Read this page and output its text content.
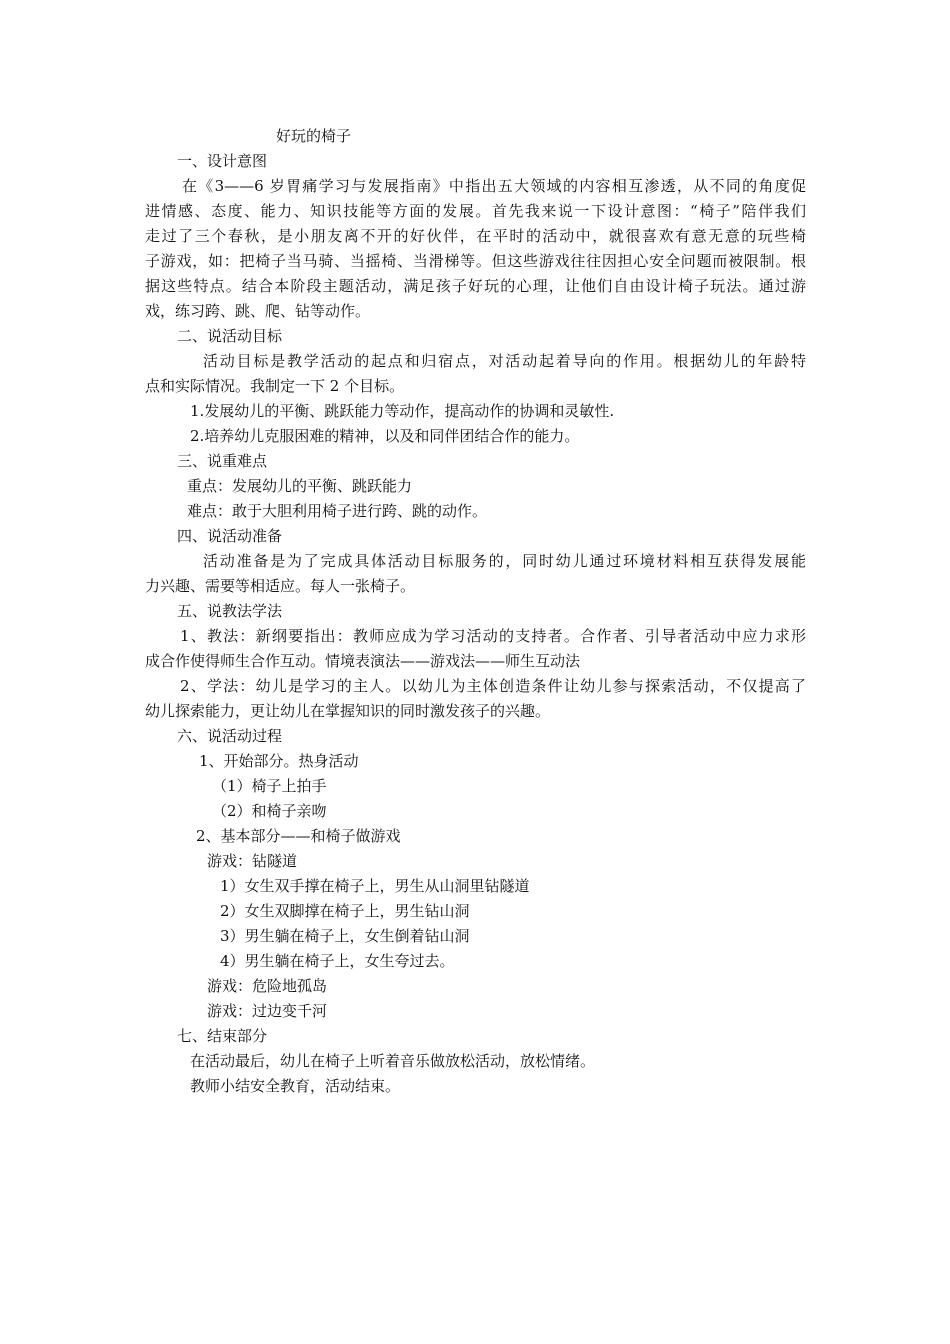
好玩的椅子
一、设计意图
在《3——6 岁胃痛学习与发展指南》中指出五大领域的内容相互渗透，从不同的角度促
进情感、态度、能力、知识技能等方面的发展。首先我来说一下设计意图：“椅子”陪伴我们
走过了三个春秋，是小朋友离不开的好伙伴，在平时的活动中，就很喜欢有意无意的玩些椅
子游戏，如：把椅子当马骑、当摇椅、当滑梯等。但这些游戏往往因担心安全问题而被限制。根
据这些特点。结合本阶段主题活动，满足孩子好玩的心理，让他们自由设计椅子玩法。通过游
戏，练习跨、跳、爬、钻等动作。
二、说活动目标
活动目标是教学活动的起点和归宿点，对活动起着导向的作用。根据幼儿的年龄特
点和实际情况。我制定一下 2 个目标。
1.发展幼儿的平衡、跳跃能力等动作，提高动作的协调和灵敏性.
2.培养幼儿克服困难的精神，以及和同伴团结合作的能力。
三、说重难点
重点：发展幼儿的平衡、跳跃能力
难点：敢于大胆利用椅子进行跨、跳的动作。
四、说活动准备
活动准备是为了完成具体活动目标服务的，同时幼儿通过环境材料相互获得发展能
力兴趣、需要等相适应。每人一张椅子。
五、说教法学法
1、教法：新纲要指出：教师应成为学习活动的支持者。合作者、引导者活动中应力求形
成合作使得师生合作互动。情境表演法——游戏法——师生互动法
2、学法：幼儿是学习的主人。以幼儿为主体创造条件让幼儿参与探索活动，不仅提高了
幼儿探索能力，更让幼儿在掌握知识的同时激发孩子的兴趣。
六、说活动过程
1、开始部分。热身活动
（1）椅子上拍手
（2）和椅子亲吻
2、基本部分——和椅子做游戏
游戏：钻隧道
1）女生双手撑在椅子上，男生从山洞里钻隧道
2）女生双脚撑在椅子上，男生钻山洞
3）男生躺在椅子上，女生倒着钻山洞
4）男生躺在椅子上，女生夸过去。
游戏：危险地孤岛
游戏：过边变千河
七、结束部分
在活动最后，幼儿在椅子上听着音乐做放松活动，放松情绪。
教师小结安全教育，活动结束。
